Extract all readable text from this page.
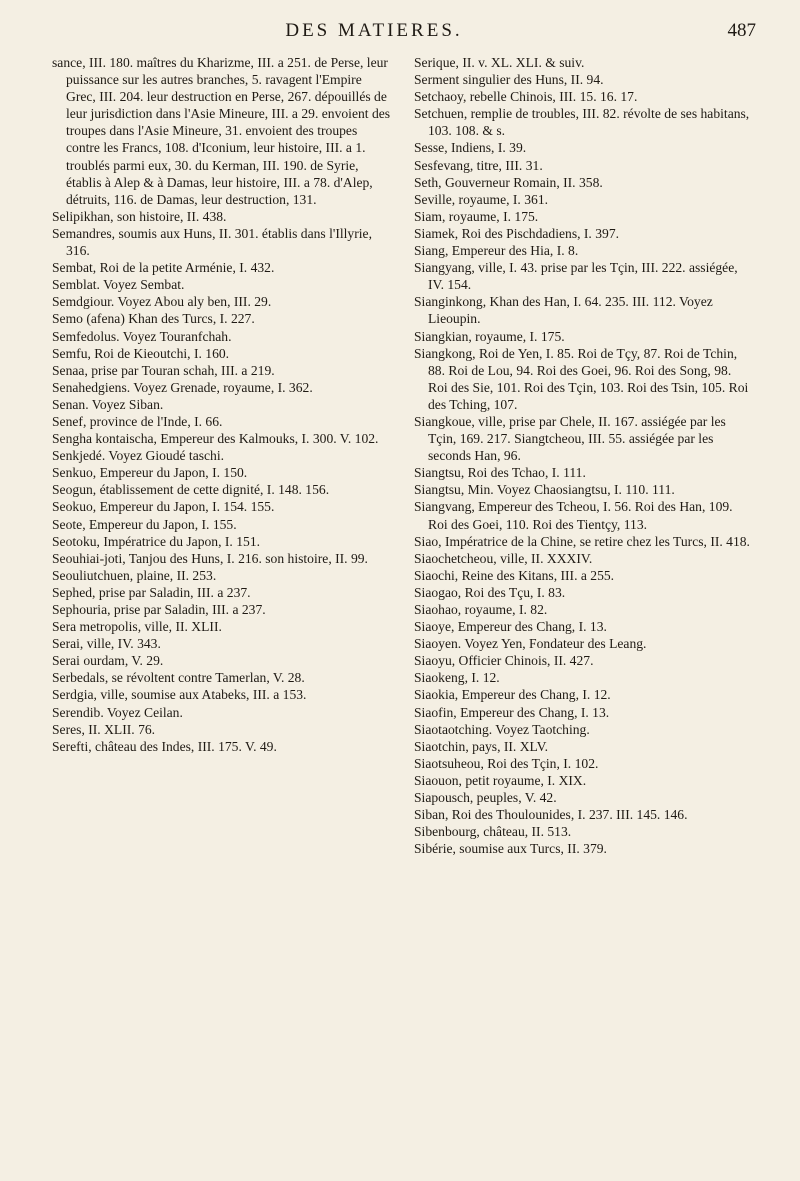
DES MATIERES.	487

sance, III. 180. maîtres du Kharizme, III. a 251. de Perse, leur puissance sur les autres branches, 5. ravagent l'Empire Grec, III. 204. leur destruction en Perse, 267. dépouillés de leur jurisdiction dans l'Asie Mineure, III. a 29. envoient des troupes dans l'Asie Mineure, 31. envoient des troupes contre les Francs, 108. d'Iconium, leur histoire, III. a 1. troublés parmi eux, 30. du Kerman, III. 190. de Syrie, établis à Alep & à Damas, leur histoire, III. a 78. d'Alep, détruits, 116. de Damas, leur destruction, 131.

Selipikhan, son histoire, II. 438.

Semandres, soumis aux Huns, II. 301. établis dans l'Illyrie, 316.

Sembat, Roi de la petite Arménie, I. 432.

Semblat. Voyez Sembat.

Semdgiour. Voyez Abou aly ben, III. 29.

Semo (afena) Khan des Turcs, I. 227.

Semfedolus. Voyez Touranfchah.

Semfu, Roi de Kieoutchi, I. 160.

Senaa, prise par Touran schah, III. a 219.

Senahedgiens. Voyez Grenade, royaume, I. 362.

Senan. Voyez Siban.

Senef, province de l'Inde, I. 66.

Sengha kontaischa, Empereur des Kalmouks, I. 300. V. 102.

Senkjedé. Voyez Gioudé taschi.

Senkuo, Empereur du Japon, I. 150.

Seogun, établissement de cette dignité, I. 148. 156.

Seokuo, Empereur du Japon, I. 154. 155.

Seote, Empereur du Japon, I. 155.

Seotoku, Impératrice du Japon, I. 151.

Seouhiai-joti, Tanjou des Huns, I. 216. son histoire, II. 99.

Seouliutchuen, plaine, II. 253.

Sephed, prise par Saladin, III. a 237.

Sephouria, prise par Saladin, III. a 237.

Sera metropolis, ville, II. XLII.

Serai, ville, IV. 343.

Serai ourdam, V. 29.

Serbedals, se révoltent contre Tamerlan, V. 28.

Serdgia, ville, soumise aux Atabeks, III. a 153.

Serendib. Voyez Ceilan.

Seres, II. XLII. 76.

Serefti, château des Indes, III. 175. V. 49.

Serique, II. v. XL. XLI. & suiv.

Serment singulier des Huns, II. 94.

Setchaoy, rebelle Chinois, III. 15. 16. 17.

Setchuen, remplie de troubles, III. 82. révolte de ses habitans, 103. 108. & s.

Sesse, Indiens, I. 39.

Sesfevang, titre, III. 31.

Seth, Gouverneur Romain, II. 358.

Seville, royaume, I. 361.

Siam, royaume, I. 175.

Siamek, Roi des Pischdadiens, I. 397.

Siang, Empereur des Hia, I. 8.

Siangyang, ville, I. 43. prise par les Tçin, III. 222. assiégée, IV. 154.

Sianginkong, Khan des Han, I. 64. 235. III. 112. Voyez Lieoupin.

Siangkian, royaume, I. 175.

Siangkong, Roi de Yen, I. 85. Roi de Tçy, 87. Roi de Tchin, 88. Roi de Lou, 94. Roi des Goei, 96. Roi des Song, 98. Roi des Sie, 101. Roi des Tçin, 103. Roi des Tsin, 105. Roi des Tching, 107.

Siangkoue, ville, prise par Chele, II. 167. assiégée par les Tçin, 169. 217. Siangtcheou, III. 55. assiégée par les seconds Han, 96.

Siangtsu, Roi des Tchao, I. 111.

Siangtsu, Min. Voyez Chaosiangtsu, I. 110. 111.

Siangvang, Empereur des Tcheou, I. 56. Roi des Han, 109. Roi des Goei, 110. Roi des Tientçy, 113.

Siao, Impératrice de la Chine, se retire chez les Turcs, II. 418.

Siaochetcheou, ville, II. XXXIV.

Siaochi, Reine des Kitans, III. a 255.

Siaogao, Roi des Tçu, I. 83.

Siaohao, royaume, I. 82.

Siaoye, Empereur des Chang, I. 13.

Siaoyen. Voyez Yen, Fondateur des Leang.

Siaoyu, Officier Chinois, II. 427.

Siaokeng, I. 12.

Siaokia, Empereur des Chang, I. 12.

Siaofin, Empereur des Chang, I. 13.

Siaotaotching. Voyez Taotching.

Siaotchin, pays, II. XLV.

Siaotsuheou, Roi des Tçin, I. 102.

Siaouon, petit royaume, I. XIX.

Siapousch, peuples, V. 42.

Siban, Roi des Thoulounides, I. 237. III. 145. 146.

Sibenbourg, château, II. 513.

Sibérie, soumise aux Turcs, II. 379.
